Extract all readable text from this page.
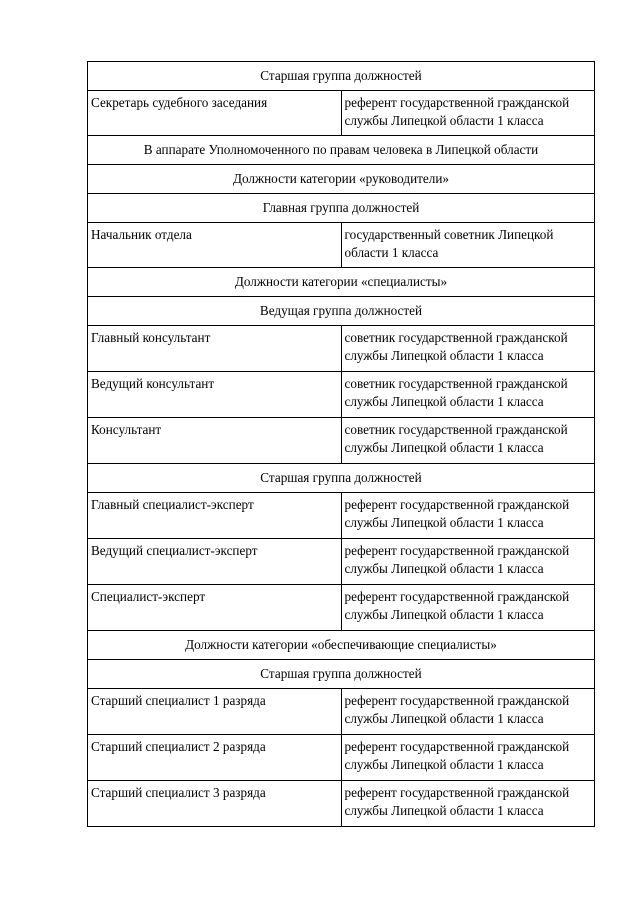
Старшая группа должностей	
Секретарь судебного заседания	референт государственной гражданской службы Липецкой области 1 класса
В аппарате Уполномоченного по правам человека в Липецкой области	
Должности категории «руководители»	
Главная группа должностей	
Начальник отдела	государственный советник Липецкой области 1 класса
Должности категории «специалисты»	
Ведущая группа должностей	
Главный консультант	советник государственной гражданской службы Липецкой области 1 класса
Ведущий консультант	советник государственной гражданской службы Липецкой области 1 класса
Консультант	советник государственной гражданской службы Липецкой области 1 класса
Старшая группа должностей	
Главный специалист-эксперт	референт государственной гражданской службы Липецкой области 1 класса
Ведущий специалист-эксперт	референт государственной гражданской службы Липецкой области 1 класса
Специалист-эксперт	референт государственной гражданской службы Липецкой области 1 класса
Должности категории «обеспечивающие специалисты»	
Старшая группа должностей	
Старший специалист 1 разряда	референт государственной гражданской службы Липецкой области 1 класса
Старший специалист 2 разряда	референт государственной гражданской службы Липецкой области 1 класса
Старший специалист 3 разряда	референт государственной гражданской службы Липецкой области 1 класса
